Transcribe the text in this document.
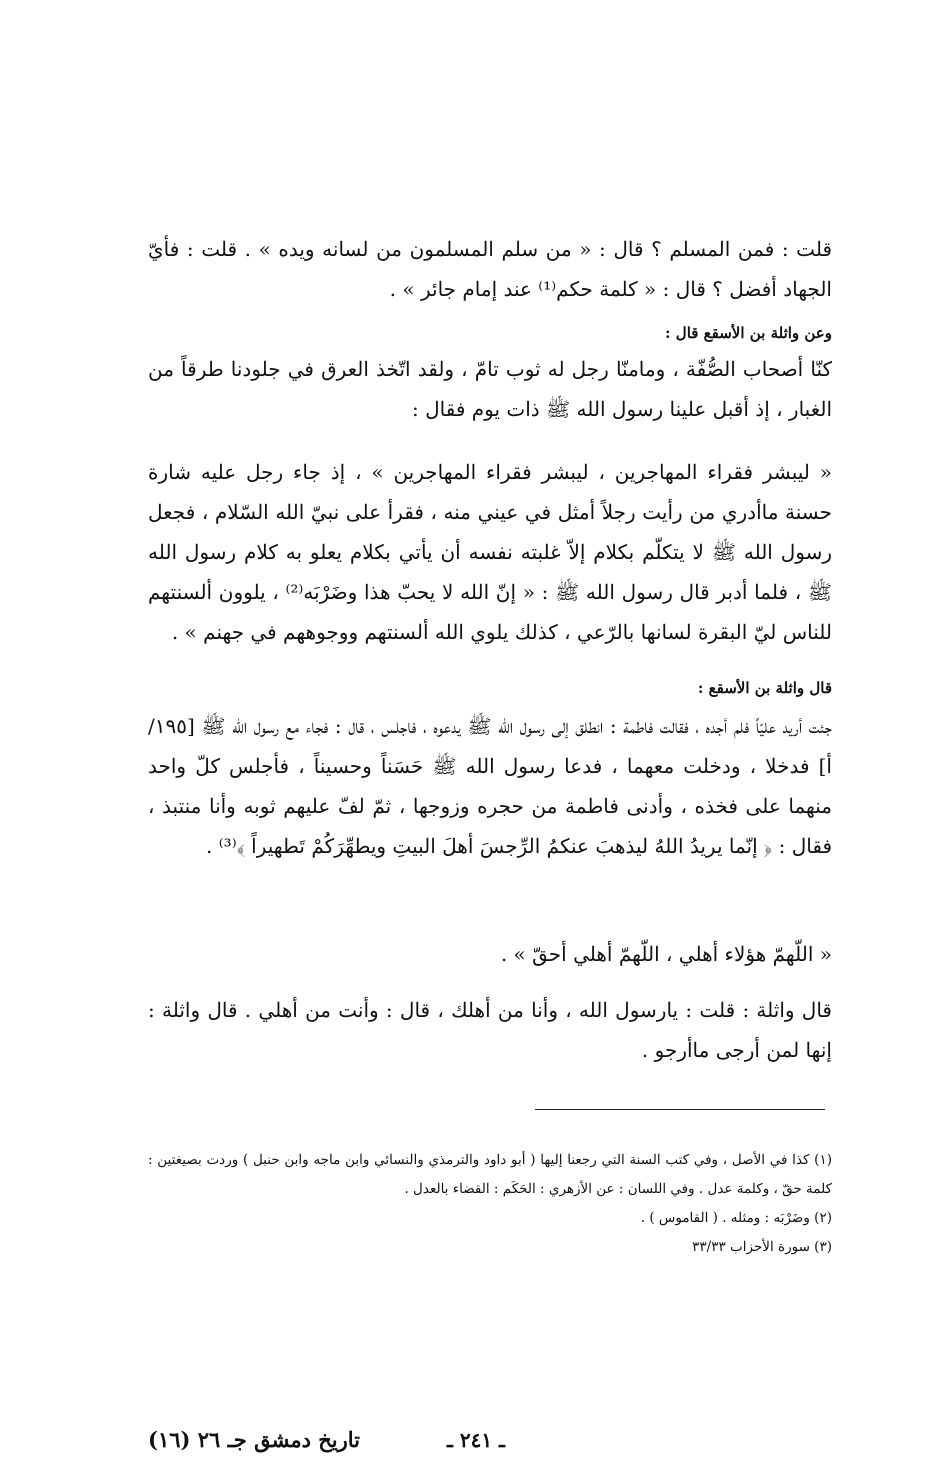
قلت : فمن المسلم ؟ قال : « من سلم المسلمون من لسانه ويده » . قلت : فأيّ الجهاد أفضل ؟ قال : « كلمة حكم⁽¹⁾ عند إمام جائر » .

وعن واثلة بن الأسقع قال :

كنّا أصحاب الصُّفّة ، ومامنّا رجل له ثوب تامّ ، ولقد اتّخذ العرق في جلودنا طرقاً من الغبار ، إذ أقبل علينا رسول الله ﷺ ذات يوم فقال :

« ليبشر فقراء المهاجرين ، ليبشر فقراء المهاجرين » ، إذ جاء رجل عليه شارة حسنة ماأدري من رأيت رجلاً أمثل في عيني منه ، فقرأ على نبيّ الله السّلام ، فجعل رسول الله ﷺ لا يتكلّم بكلام إلاّ غلبته نفسه أن يأتي بكلام يعلو به كلام رسول الله ﷺ ، فلما أدبر قال رسول الله ﷺ : « إنّ الله لا يحبّ هذا وضَرْبَه⁽²⁾ ، يلوون ألسنتهم للناس ليّ البقرة لسانها بالرّعي ، كذلك يلوي الله ألسنتهم ووجوههم في جهنم » .

قال واثلة بن الأسقع :

جئت أريد عليّاً فلم أجده ، فقالت فاطمة : انطلق إلى رسول الله ﷺ يدعوه ، فاجلس ، قال : فجاء مع رسول الله ﷺ [١٩٥/أ] فدخلا ، ودخلت معهما ، فدعا رسول الله ﷺ حَسَناً وحسيناً ، فأجلس كلّ واحد منهما على فخذه ، وأدنى فاطمة من حجره وزوجها ، ثمّ لفّ عليهم ثوبه وأنا منتبذ ، فقال : ﴿ إنّما يريدُ اللهُ ليذهبَ عنكمُ الرِّجسَ أهلَ البيتِ ويطهِّرَكُمْ تَطهيراً ﴾⁽³⁾ .

« اللّهمّ هؤلاء أهلي ، اللّهمّ أهلي أحقّ » .

قال واثلة : قلت : يارسول الله ، وأنا من أهلك ، قال : وأنت من أهلي . قال واثلة : إنها لمن أرجى ماأرجو .

(١) كذا في الأصل ، وفي كتب السنة التي رجعنا إليها ( أبو داود والترمذي والنسائي وابن ماجه وابن حنبل ) وردت بصيغتين : كلمة حقّ ، وكلمة عدل . وفي اللسان : عن الأزهري : الحَكَم : القضاء بالعدل .

(٢) وضَرْبَه : ومثله . ( القاموس ) .

(٣) سورة الأحزاب ٣٣/٣٣

ـ ٢٤١ ـ
تاريخ دمشق جـ ٢٦ (١٦)
